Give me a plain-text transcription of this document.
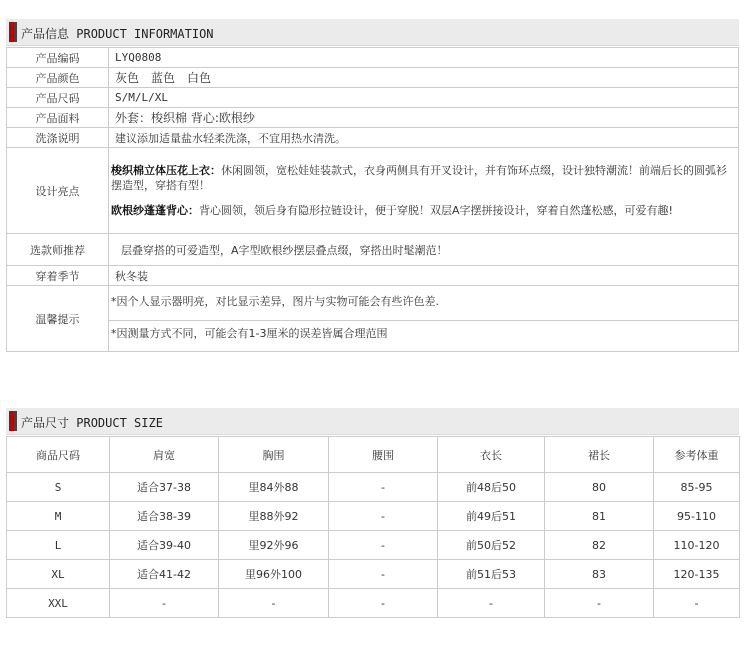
产品信息 PRODUCT INFORMATION
产品编码	LYQ0808
产品颜色	灰色　蓝色　白色
产品尺码	S/M/L/XL
产品面料	外套：梭织棉 背心:欧根纱
洗涤说明	建议添加适量盐水轻柔洗涤，不宜用热水清洗。
设计亮点	梭织棉立体压花上衣：休闲圆领，宽松娃娃装款式，衣身两侧具有开叉设计，并有饰环点缀，设计独特潮流！前端后长的圆弧衫摆造型，穿搭有型！
欧根纱蓬蓬背心：背心圆领，领后身有隐形拉链设计，便于穿脱！双层A字摆拼接设计，穿着自然蓬松感，可爱有趣!

选款师推荐	层叠穿搭的可爱造型，A字型欧根纱摆层叠点缀，穿搭出时髦潮范！
穿着季节	秋冬装
温馨提示	*因个人显示器明亮，对比显示差异，图片与实物可能会有些许色差.
*因测量方式不同，可能会有1-3厘米的误差皆属合理范围
产品尺寸 PRODUCT SIZE
商品尺码	肩宽	胸围	腰围	衣长	裙长	参考体重
S	适合37-38	里84外88	-	前48后50	80	85-95
M	适合38-39	里88外92	-	前49后51	81	95-110
L	适合39-40	里92外96	-	前50后52	82	110-120
XL	适合41-42	里96外100	-	前51后53	83	120-135
XXL	-	-	-	-	-	-
